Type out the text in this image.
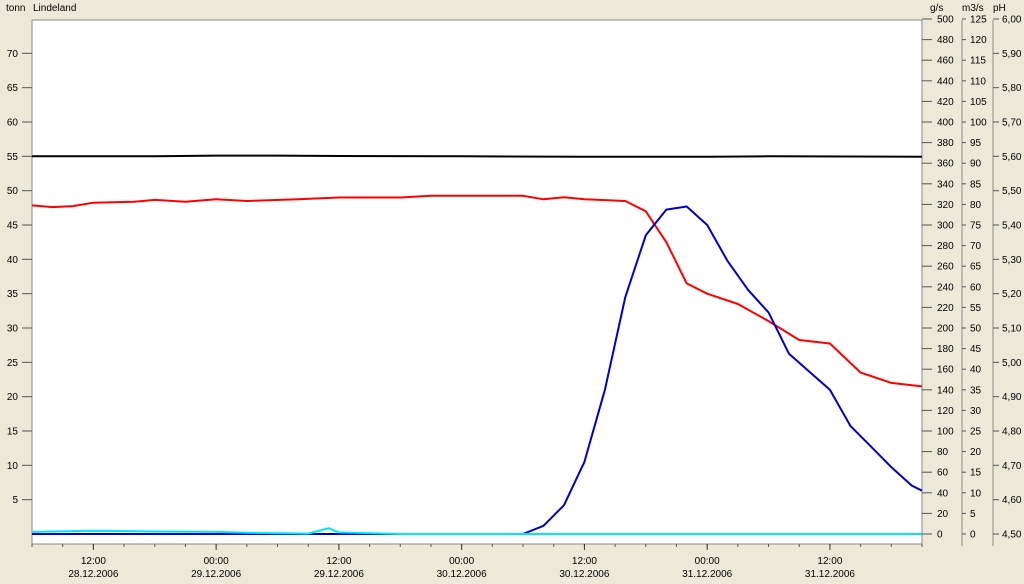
Lindeland
tonn
5
10
15
20
25
30
35
40
45
50
55
60
65
70
g/s
0
20
40
60
80
100
120
140
160
180
200
220
240
260
280
300
320
340
360
380
400
420
440
460
480
500
m3/s
0
5
10
15
20
25
30
35
40
45
50
55
60
65
70
75
80
85
90
95
100
105
110
115
120
125
pH
4,50
4,60
4,70
4,80
4,90
5,00
5,10
5,20
5,30
5,40
5,50
5,60
5,70
5,80
5,90
6,00
12:00
28.12.2006
00:00
29.12.2006
12:00
29.12.2006
00:00
30.12.2006
12:00
30.12.2006
00:00
31.12.2006
12:00
31.12.2006
